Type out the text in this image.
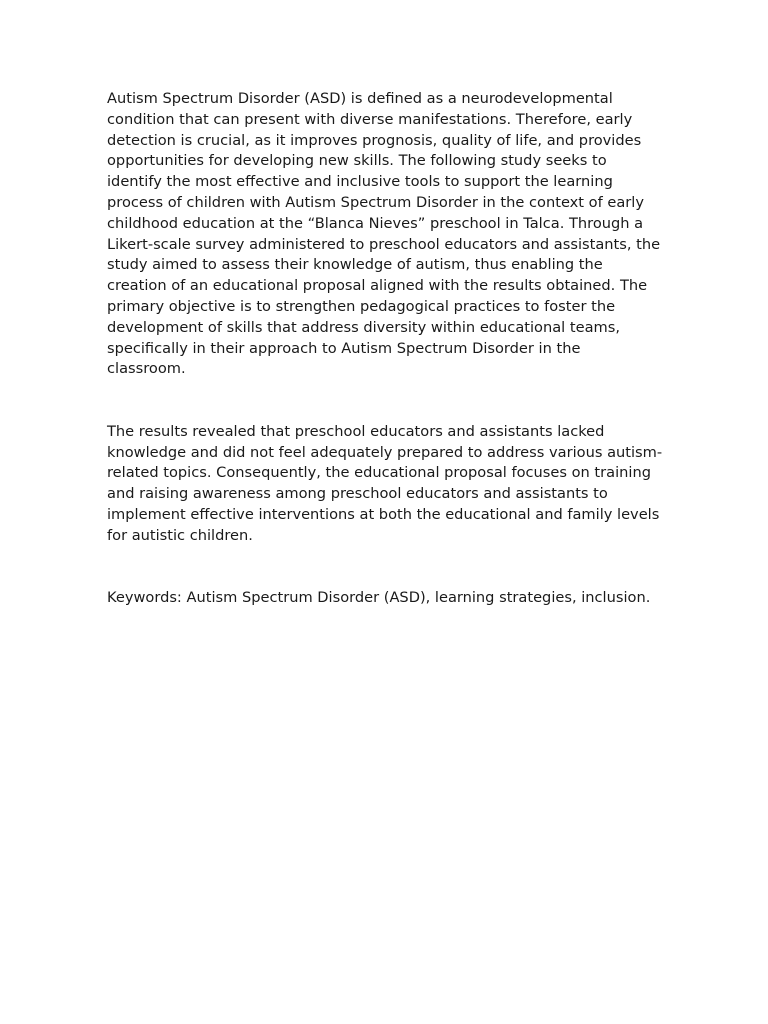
Autism Spectrum Disorder (ASD) is defined as a neurodevelopmental condition that can present with diverse manifestations. Therefore, early detection is crucial, as it improves prognosis, quality of life, and provides opportunities for developing new skills. The following study seeks to identify the most effective and inclusive tools to support the learning process of children with Autism Spectrum Disorder in the context of early childhood education at the “Blanca Nieves” preschool in Talca. Through a Likert-scale survey administered to preschool educators and assistants, the study aimed to assess their knowledge of autism, thus enabling the creation of an educational proposal aligned with the results obtained. The primary objective is to strengthen pedagogical practices to foster the development of skills that address diversity within educational teams, specifically in their approach to Autism Spectrum Disorder in the classroom.

The results revealed that preschool educators and assistants lacked knowledge and did not feel adequately prepared to address various autism-related topics. Consequently, the educational proposal focuses on training and raising awareness among preschool educators and assistants to implement effective interventions at both the educational and family levels for autistic children.

Keywords: Autism Spectrum Disorder (ASD), learning strategies, inclusion.
